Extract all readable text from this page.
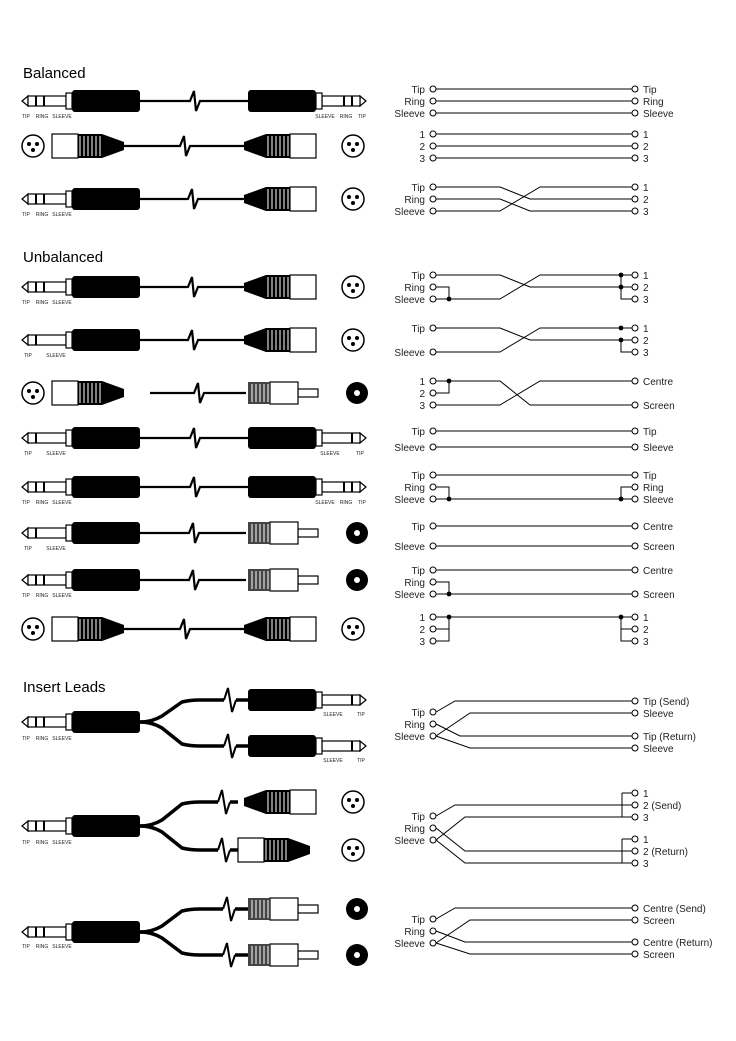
Balanced
Unbalanced
Insert Leads
TIP RING SLEEVE	SLEEVE RING TIP
Tip
Ring
Sleeve
Tip
Ring
Sleeve
1
2
3
1
2
3
TIP RING SLEEVE
Tip
Ring
Sleeve
1
2
3
TIP RING SLEEVE
Tip
Ring
Sleeve
1
2
3
TIP	SLEEVE
Tip
Sleeve
1
2
3
1
2
3
Centre
Screen
TIP	SLEEVE	SLEEVE	TIP
Tip
Sleeve
Tip
Sleeve
TIP RING SLEEVE	SLEEVE RING TIP
Tip
Ring
Sleeve
Tip
Ring
Sleeve
TIP	SLEEVE
Tip
Sleeve
Centre
Screen
TIP RING SLEEVE
Tip
Ring
Sleeve
Centre
Screen
1
2
3
1
2
3
TIP RING SLEEVE
SLEEVE	TIP
SLEEVE	TIP
Tip
Ring
Sleeve
Tip (Send)
Sleeve
Tip (Return)
Sleeve
TIP RING SLEEVE
Tip
Ring
Sleeve
1
2 (Send)
3
1
2 (Return)
3
TIP RING SLEEVE
Tip
Ring
Sleeve
Centre (Send)
Screen
Centre (Return)
Screen
